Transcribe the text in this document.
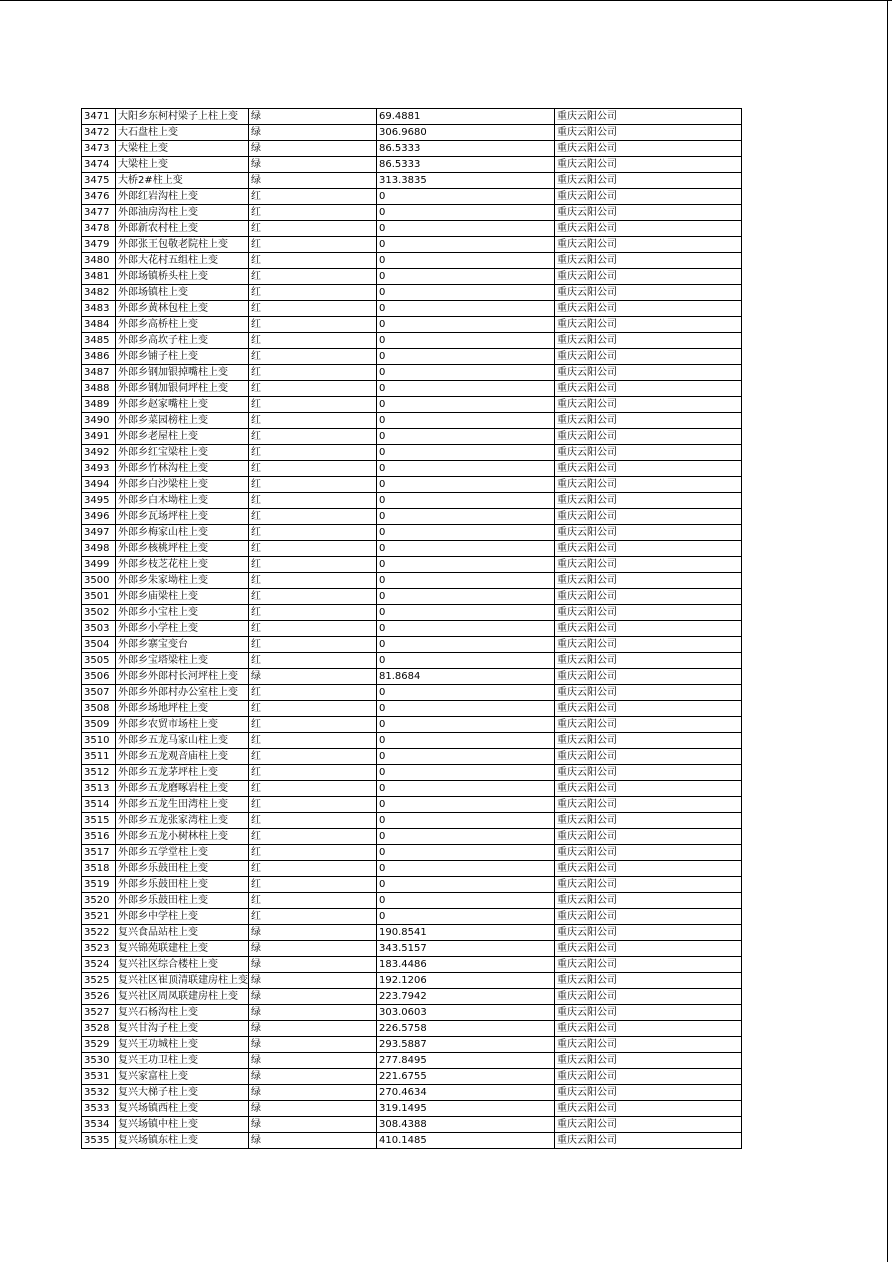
3471	大阳乡东柯村梁子上柱上变	绿	69.4881	重庆云阳公司
3472	大石盘柱上变	绿	306.9680	重庆云阳公司
3473	大梁柱上变	绿	86.5333	重庆云阳公司
3474	大梁柱上变	绿	86.5333	重庆云阳公司
3475	大桥2#柱上变	绿	313.3835	重庆云阳公司
3476	外郎红岩沟柱上变	红	0	重庆云阳公司
3477	外郎油房沟柱上变	红	0	重庆云阳公司
3478	外郎新农村柱上变	红	0	重庆云阳公司
3479	外郎张王包敬老院柱上变	红	0	重庆云阳公司
3480	外郎大花村五组柱上变	红	0	重庆云阳公司
3481	外郎场镇桥头柱上变	红	0	重庆云阳公司
3482	外郎场镇柱上变	红	0	重庆云阳公司
3483	外郎乡黄林包柱上变	红	0	重庆云阳公司
3484	外郎乡高桥柱上变	红	0	重庆云阳公司
3485	外郎乡高坎子柱上变	红	0	重庆云阳公司
3486	外郎乡铺子柱上变	红	0	重庆云阳公司
3487	外郎乡钢加银掉嘴柱上变	红	0	重庆云阳公司
3488	外郎乡钢加银伺坪柱上变	红	0	重庆云阳公司
3489	外郎乡赵家嘴柱上变	红	0	重庆云阳公司
3490	外郎乡菜园榜柱上变	红	0	重庆云阳公司
3491	外郎乡老屋柱上变	红	0	重庆云阳公司
3492	外郎乡红宝梁柱上变	红	0	重庆云阳公司
3493	外郎乡竹林沟柱上变	红	0	重庆云阳公司
3494	外郎乡白沙梁柱上变	红	0	重庆云阳公司
3495	外郎乡白木坳柱上变	红	0	重庆云阳公司
3496	外郎乡瓦场坪柱上变	红	0	重庆云阳公司
3497	外郎乡梅家山柱上变	红	0	重庆云阳公司
3498	外郎乡核桃坪柱上变	红	0	重庆云阳公司
3499	外郎乡枝芝花柱上变	红	0	重庆云阳公司
3500	外郎乡朱家坳柱上变	红	0	重庆云阳公司
3501	外郎乡庙梁柱上变	红	0	重庆云阳公司
3502	外郎乡小宝柱上变	红	0	重庆云阳公司
3503	外郎乡小学柱上变	红	0	重庆云阳公司
3504	外郎乡寨宝变台	红	0	重庆云阳公司
3505	外郎乡宝塔梁柱上变	红	0	重庆云阳公司
3506	外郎乡外郎村长河坪柱上变	绿	81.8684	重庆云阳公司
3507	外郎乡外郎村办公室柱上变	红	0	重庆云阳公司
3508	外郎乡场地坪柱上变	红	0	重庆云阳公司
3509	外郎乡农贸市场柱上变	红	0	重庆云阳公司
3510	外郎乡五龙马家山柱上变	红	0	重庆云阳公司
3511	外郎乡五龙观音庙柱上变	红	0	重庆云阳公司
3512	外郎乡五龙茅坪柱上变	红	0	重庆云阳公司
3513	外郎乡五龙磨啄岩柱上变	红	0	重庆云阳公司
3514	外郎乡五龙生田湾柱上变	红	0	重庆云阳公司
3515	外郎乡五龙张家湾柱上变	红	0	重庆云阳公司
3516	外郎乡五龙小树林柱上变	红	0	重庆云阳公司
3517	外郎乡五学堂柱上变	红	0	重庆云阳公司
3518	外郎乡乐鼓田柱上变	红	0	重庆云阳公司
3519	外郎乡乐鼓田柱上变	红	0	重庆云阳公司
3520	外郎乡乐鼓田柱上变	红	0	重庆云阳公司
3521	外郎乡中学柱上变	红	0	重庆云阳公司
3522	复兴食品站柱上变	绿	190.8541	重庆云阳公司
3523	复兴锦苑联建柱上变	绿	343.5157	重庆云阳公司
3524	复兴社区综合楼柱上变	绿	183.4486	重庆云阳公司
3525	复兴社区崔顶清联建房柱上变	绿	192.1206	重庆云阳公司
3526	复兴社区周凤联建房柱上变	绿	223.7942	重庆云阳公司
3527	复兴石杨沟柱上变	绿	303.0603	重庆云阳公司
3528	复兴甘沟子柱上变	绿	226.5758	重庆云阳公司
3529	复兴王功城柱上变	绿	293.5887	重庆云阳公司
3530	复兴王功卫柱上变	绿	277.8495	重庆云阳公司
3531	复兴家富柱上变	绿	221.6755	重庆云阳公司
3532	复兴大梯子柱上变	绿	270.4634	重庆云阳公司
3533	复兴场镇西柱上变	绿	319.1495	重庆云阳公司
3534	复兴场镇中柱上变	绿	308.4388	重庆云阳公司
3535	复兴场镇东柱上变	绿	410.1485	重庆云阳公司
